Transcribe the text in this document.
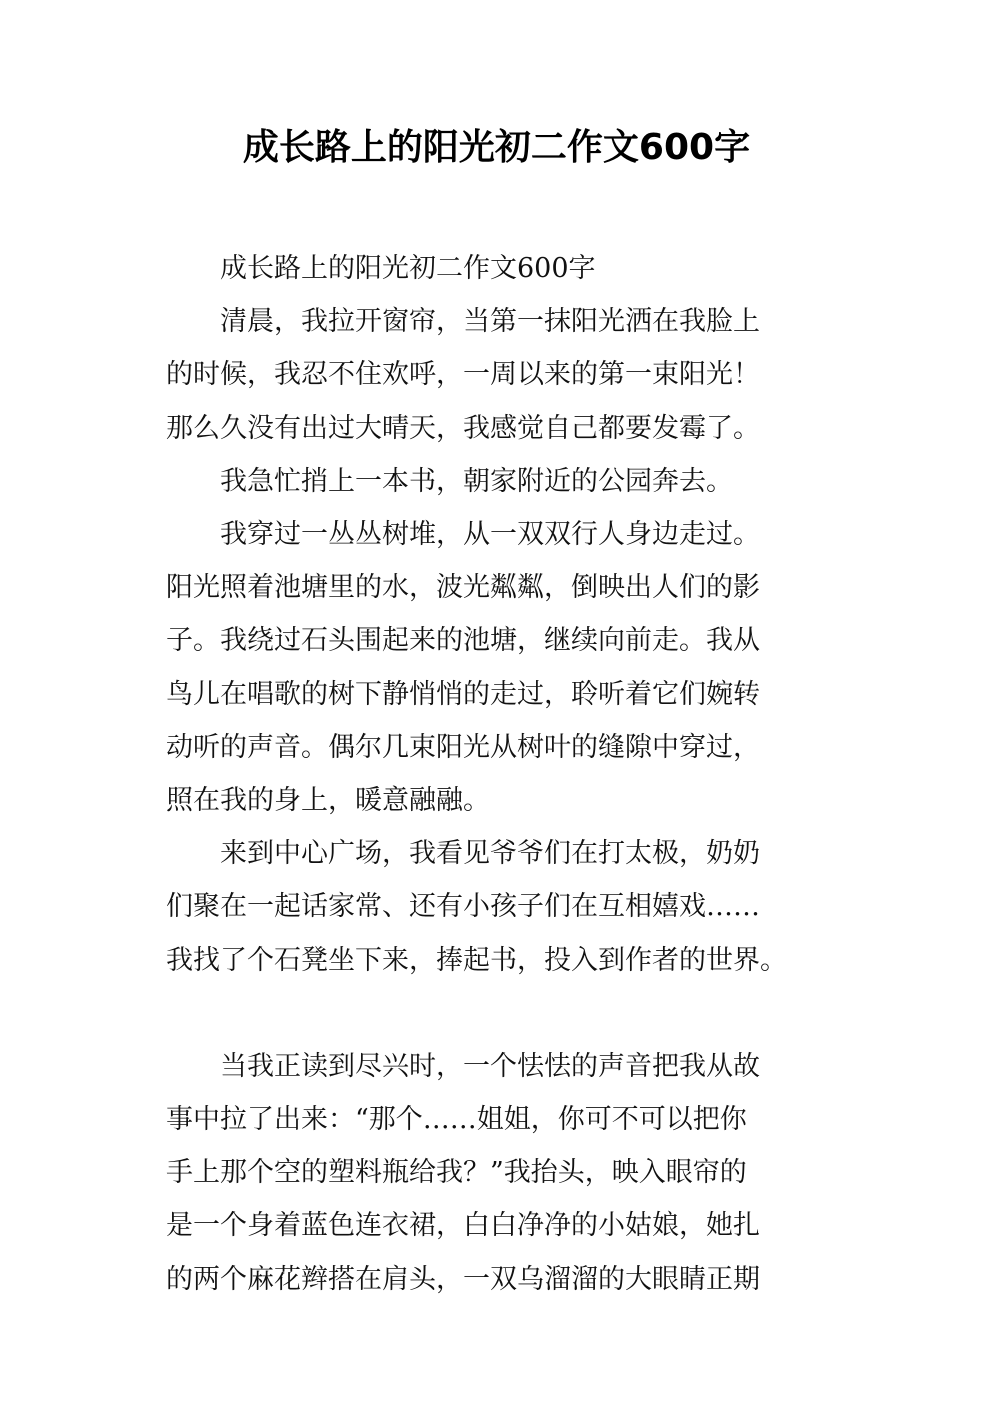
成长路上的阳光初二作文600字

成长路上的阳光初二作文600字

清晨，我拉开窗帘，当第一抹阳光洒在我脸上
的时候，我忍不住欢呼，一周以来的第一束阳光！
那么久没有出过大晴天，我感觉自己都要发霉了。

我急忙捎上一本书，朝家附近的公园奔去。

我穿过一丛丛树堆，从一双双行人身边走过。
阳光照着池塘里的水，波光粼粼，倒映出人们的影
子。我绕过石头围起来的池塘，继续向前走。我从
鸟儿在唱歌的树下静悄悄的走过，聆听着它们婉转
动听的声音。偶尔几束阳光从树叶的缝隙中穿过，
照在我的身上，暖意融融。

来到中心广场，我看见爷爷们在打太极，奶奶
们聚在一起话家常、还有小孩子们在互相嬉戏……
我找了个石凳坐下来，捧起书，投入到作者的世界。

当我正读到尽兴时，一个怯怯的声音把我从故
事中拉了出来：“那个……姐姐，你可不可以把你
手上那个空的塑料瓶给我？”我抬头，映入眼帘的
是一个身着蓝色连衣裙，白白净净的小姑娘，她扎
的两个麻花辫搭在肩头，一双乌溜溜的大眼睛正期
